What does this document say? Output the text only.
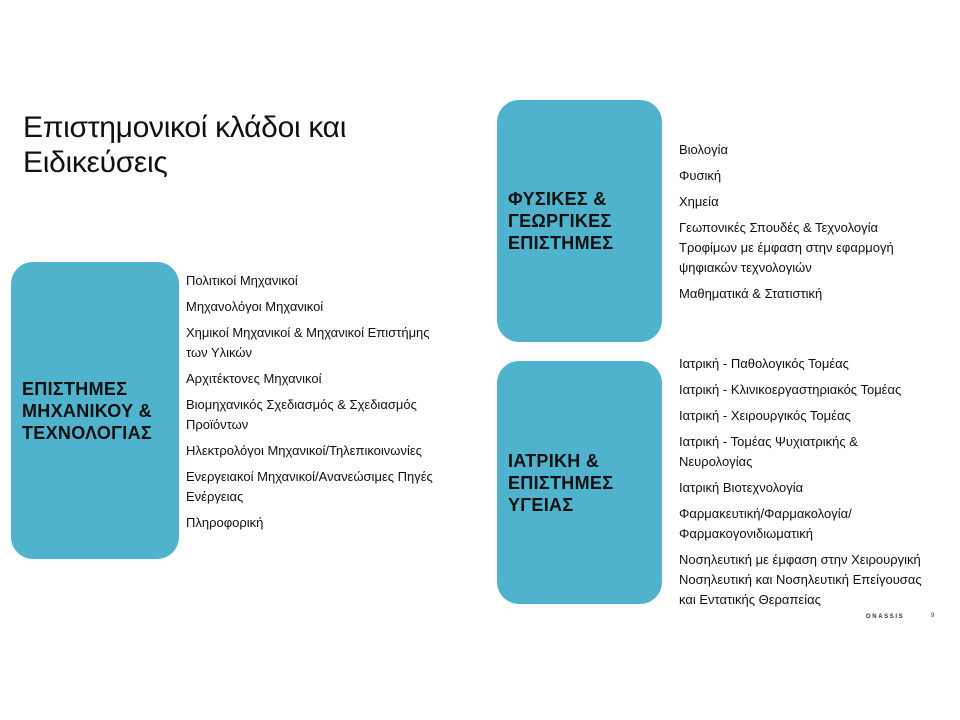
Επιστημονικοί κλάδοι και
Ειδικεύσεις
ΕΠΙΣΤΗΜΕΣ
ΜΗΧΑΝΙΚΟΥ &
ΤΕΧΝΟΛΟΓΙΑΣ
Πολιτικοί Μηχανικοί
Μηχανολόγοι Μηχανικοί
Χημικοί Μηχανικοί & Μηχανικοί Επιστήμης
των Υλικών
Αρχιτέκτονες Μηχανικοί
Βιομηχανικός Σχεδιασμός & Σχεδιασμός
Προϊόντων
Ηλεκτρολόγοι Μηχανικοί/Τηλεπικοινωνίες
Ενεργειακοί Μηχανικοί/Ανανεώσιμες Πηγές
Ενέργειας
Πληροφορική
ΦΥΣΙΚΕΣ &
ΓΕΩΡΓΙΚΕΣ
ΕΠΙΣΤΗΜΕΣ
Βιολογία
Φυσική
Χημεία
Γεωπονικές Σπουδές & Τεχνολογία
Τροφίμων με έμφαση στην εφαρμογή
ψηφιακών τεχνολογιών
Μαθηματικά & Στατιστική
ΙΑΤΡΙΚΗ &
ΕΠΙΣΤΗΜΕΣ
ΥΓΕΙΑΣ
Ιατρική - Παθολογικός Τομέας
Ιατρική - Κλινικοεργαστηριακός Τομέας
Ιατρική - Χειρουργικός Τομέας
Ιατρική - Τομέας Ψυχιατρικής &
Νευρολογίας
Ιατρική Βιοτεχνολογία
Φαρμακευτική/Φαρμακολογία/
Φαρμακογονιδιωματική
Νοσηλευτική με έμφαση στην Χειρουργική
Νοσηλευτική και Νοσηλευτική Επείγουσας
και Εντατικής Θεραπείας
ONASSIS	9
